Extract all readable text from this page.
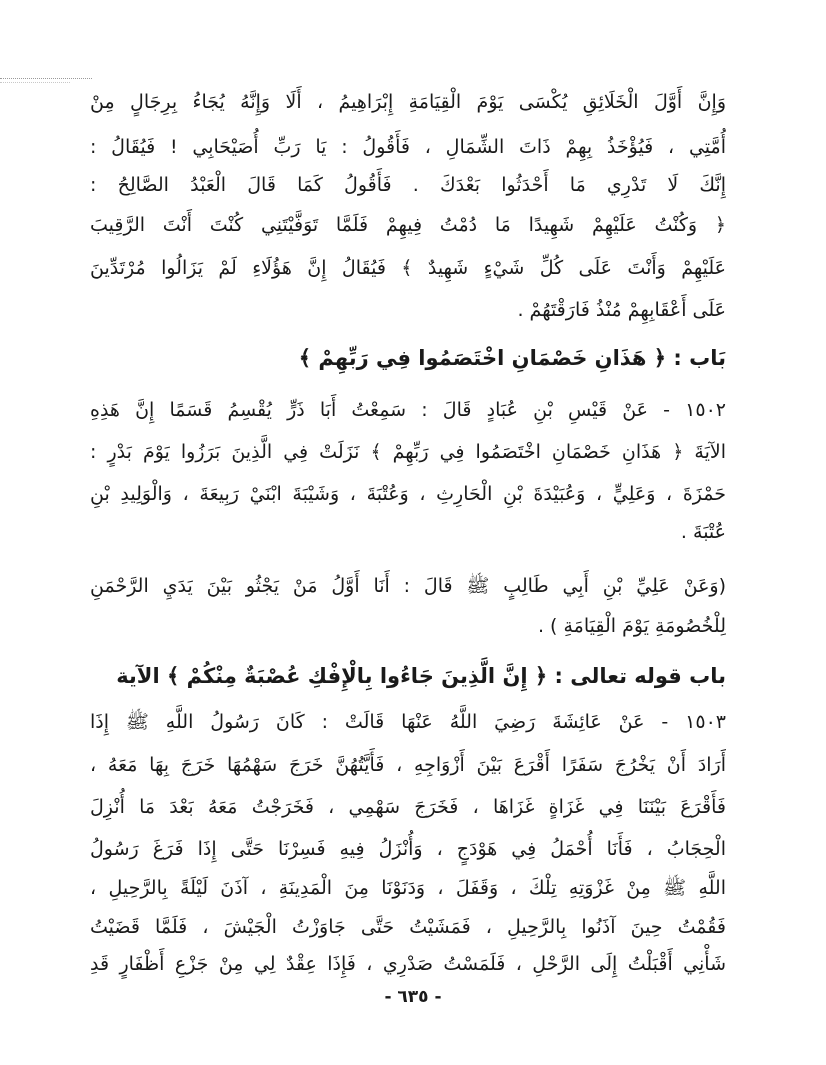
وَإِنَّ أَوَّلَ الْخَلَائِقِ يُكْسَى يَوْمَ الْقِيَامَةِ إِبْرَاهِيمُ ، أَلَا وَإِنَّهُ يُجَاءُ بِرِجَالٍ مِنْ
أُمَّتِي ، فَيُؤْخَذُ بِهِمْ ذَاتَ الشِّمَالِ ، فَأَقُولُ : يَا رَبِّ أُصَيْحَابِي ! فَيُقَالُ :
إِنَّكَ لَا تَدْرِي مَا أَحْدَثُوا بَعْدَكَ . فَأَقُولُ كَمَا قَالَ الْعَبْدُ الصَّالِحُ :
﴿ وَكُنْتُ عَلَيْهِمْ شَهِيدًا مَا دُمْتُ فِيهِمْ فَلَمَّا تَوَفَّيْتَنِي كُنْتَ أَنْتَ الرَّقِيبَ
عَلَيْهِمْ وَأَنْتَ عَلَى كُلِّ شَيْءٍ شَهِيدٌ ﴾ فَيُقَالُ إِنَّ هَؤُلَاءِ لَمْ يَزَالُوا مُرْتَدِّينَ
عَلَى أَعْقَابِهِمْ مُنْذُ فَارَقْتَهُمْ .
بَاب : ﴿ هَذَانِ خَصْمَانِ اخْتَصَمُوا فِي رَبِّهِمْ ﴾
١٥٠٢ - عَنْ قَيْسِ بْنِ عُبَادٍ قَالَ : سَمِعْتُ أَبَا ذَرٍّ يُقْسِمُ قَسَمًا إِنَّ هَذِهِ
الآيَةَ ﴿ هَذَانِ خَصْمَانِ اخْتَصَمُوا فِي رَبِّهِمْ ﴾ نَزَلَتْ فِي الَّذِينَ بَرَزُوا يَوْمَ بَدْرٍ :
حَمْزَةَ ، وَعَلِيٍّ ، وَعُبَيْدَةَ بْنِ الْحَارِثِ ، وَعُتْبَةَ ، وَشَيْبَةَ ابْنَيْ رَبِيعَةَ ، وَالْوَلِيدِ بْنِ
عُتْبَةَ .
(وَعَنْ عَلِيِّ بْنِ أَبِي طَالِبٍ ﷺ قَالَ : أَنَا أَوَّلُ مَنْ يَجْثُو بَيْنَ يَدَيِ الرَّحْمَنِ
لِلْخُصُومَةِ يَوْمَ الْقِيَامَةِ ) .
باب قوله تعالى : ﴿ إِنَّ الَّذِينَ جَاءُوا بِالْإِفْكِ عُصْبَةٌ مِنْكُمْ ﴾ الآية
١٥٠٣ - عَنْ عَائِشَةَ رَضِيَ اللَّهُ عَنْهَا قَالَتْ : كَانَ رَسُولُ اللَّهِ ﷺ إِذَا
أَرَادَ أَنْ يَخْرُجَ سَفَرًا أَقْرَعَ بَيْنَ أَزْوَاجِهِ ، فَأَيَّتُهُنَّ خَرَجَ سَهْمُهَا خَرَجَ بِهَا مَعَهُ ،
فَأَقْرَعَ بَيْنَنَا فِي غَزَاةٍ غَزَاهَا ، فَخَرَجَ سَهْمِي ، فَخَرَجْتُ مَعَهُ بَعْدَ مَا أُنْزِلَ
الْحِجَابُ ، فَأَنَا أُحْمَلُ فِي هَوْدَجٍ ، وَأُنْزَلُ فِيهِ فَسِرْنَا حَتَّى إِذَا فَرَغَ رَسُولُ
اللَّهِ ﷺ مِنْ غَزْوَتِهِ تِلْكَ ، وَقَفَلَ ، وَدَنَوْنَا مِنَ الْمَدِينَةِ ، آذَنَ لَيْلَةً بِالرَّحِيلِ ،
فَقُمْتُ حِينَ آذَنُوا بِالرَّحِيلِ ، فَمَشَيْتُ حَتَّى جَاوَزْتُ الْجَيْشَ ، فَلَمَّا قَضَيْتُ
شَأْنِي أَقْبَلْتُ إِلَى الرَّحْلِ ، فَلَمَسْتُ صَدْرِي ، فَإِذَا عِقْدٌ لِي مِنْ جَزْعِ أَظْفَارٍ قَدِ
- ٦٣٥ -
